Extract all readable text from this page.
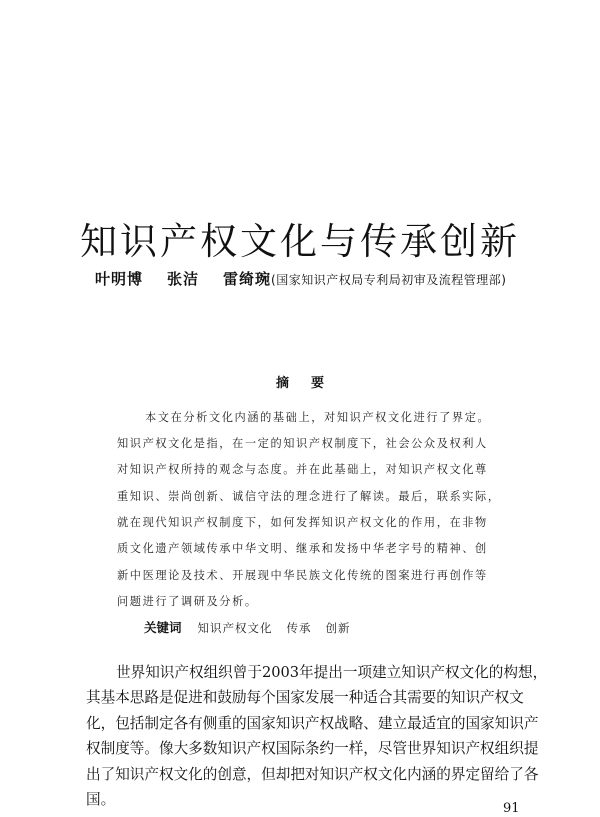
知识产权文化与传承创新
叶明博 张洁 雷绮琬(国家知识产权局专利局初审及流程管理部)
摘 要
本文在分析文化内涵的基础上，对知识产权文化进行了界定。
知识产权文化是指，在一定的知识产权制度下，社会公众及权利人
对知识产权所持的观念与态度。并在此基础上，对知识产权文化尊
重知识、崇尚创新、诚信守法的理念进行了解读。最后，联系实际，
就在现代知识产权制度下，如何发挥知识产权文化的作用，在非物
质文化遗产领域传承中华文明、继承和发扬中华老字号的精神、创
新中医理论及技术、开展现中华民族文化传统的图案进行再创作等
问题进行了调研及分析。
关键词 知识产权文化 传承 创新
世界知识产权组织曾于2003年提出一项建立知识产权文化的构想，
其基本思路是促进和鼓励每个国家发展一种适合其需要的知识产权文
化，包括制定各有侧重的国家知识产权战略、建立最适宜的国家知识产
权制度等。像大多数知识产权国际条约一样，尽管世界知识产权组织提
出了知识产权文化的创意，但却把对知识产权文化内涵的界定留给了各
国。
91
